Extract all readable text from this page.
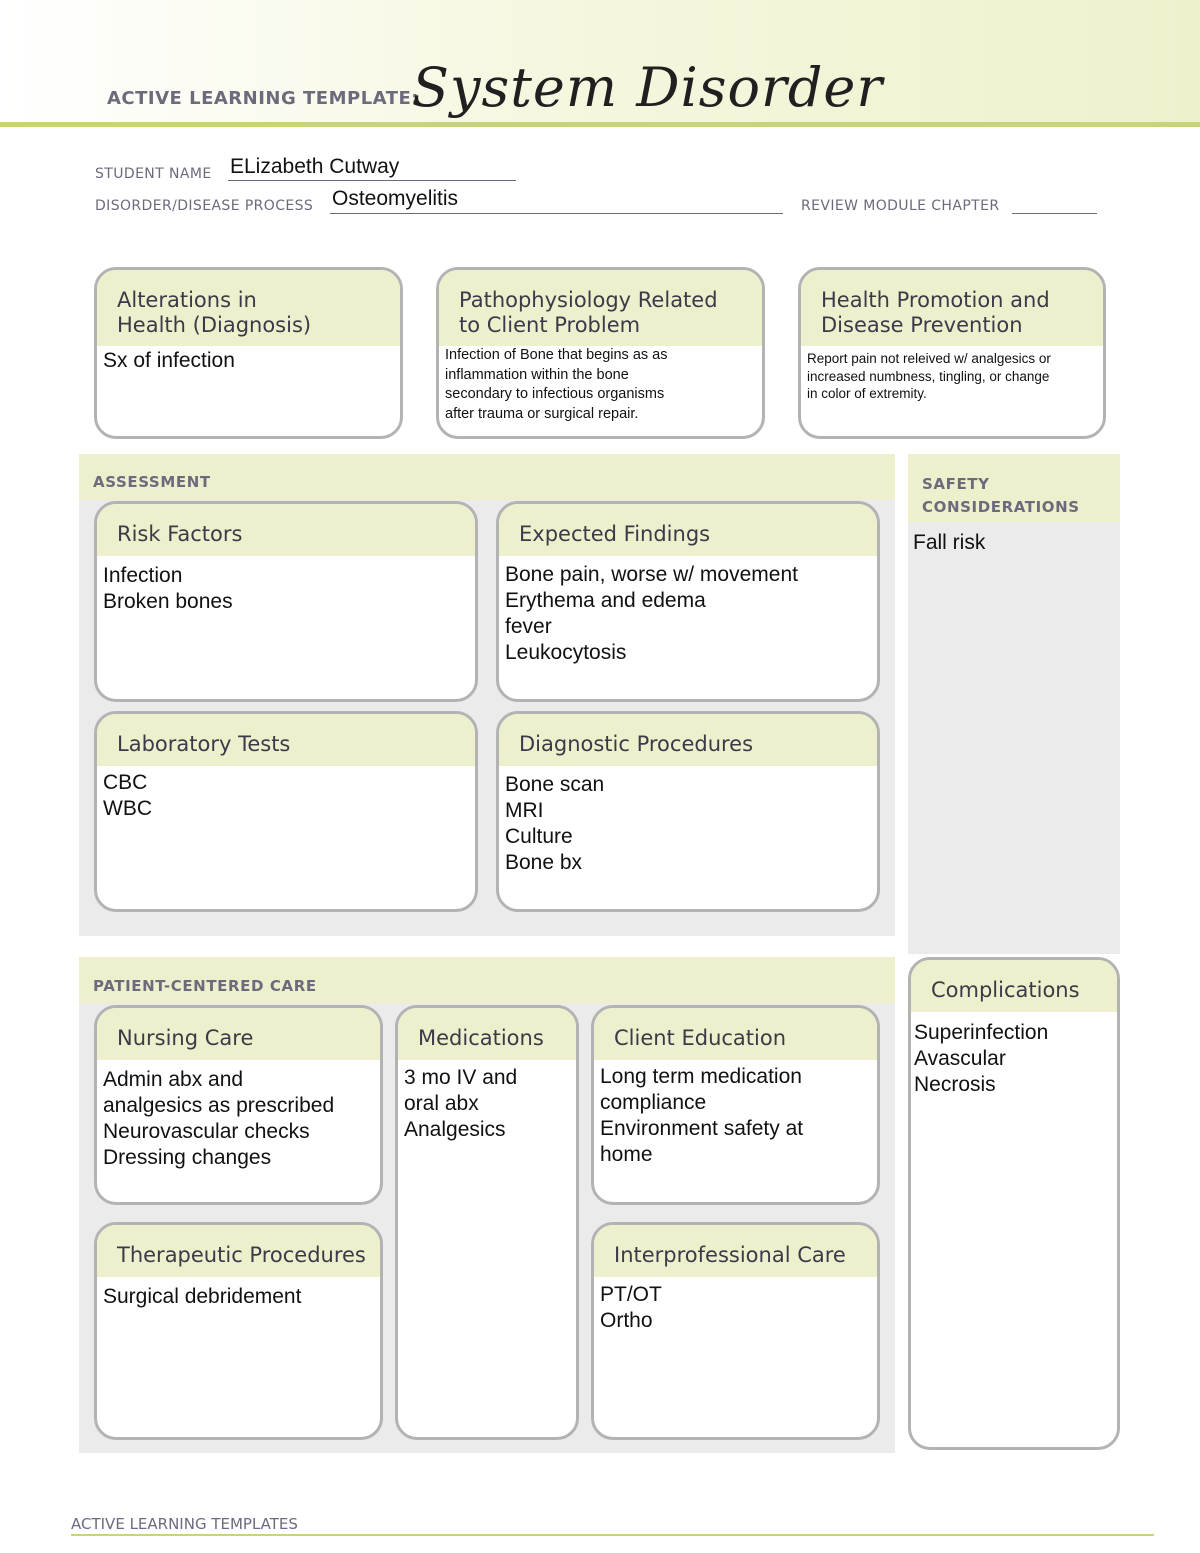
ACTIVE LEARNING TEMPLATE:
System Disorder
STUDENT NAME ELizabeth Cutway
DISORDER/DISEASE PROCESS Osteomyelitis	REVIEW MODULE CHAPTER
Alterations in
Health (Diagnosis)
Sx of infection
Pathophysiology Related
to Client Problem
Infection of Bone that begins as as
inflammation within the bone
secondary to infectious organisms
after trauma or surgical repair.
Health Promotion and
Disease Prevention
Report pain not releived w/ analgesics or
increased numbness, tingling, or change
in color of extremity.
ASSESSMENT
Risk Factors
Infection
Broken bones
Expected Findings
Bone pain, worse w/ movement
Erythema and edema
fever
Leukocytosis
Laboratory Tests
CBC
WBC
Diagnostic Procedures
Bone scan
MRI
Culture
Bone bx
SAFETY
CONSIDERATIONS
Fall risk
PATIENT-CENTERED CARE
Nursing Care
Admin abx and
analgesics as prescribed
Neurovascular checks
Dressing changes
Medications
3 mo IV and
oral abx
Analgesics
Client Education
Long term medication
compliance
Environment safety at
home
Therapeutic Procedures
Surgical debridement
Interprofessional Care
PT/OT
Ortho
Complications
Superinfection
Avascular
Necrosis
ACTIVE LEARNING TEMPLATES
